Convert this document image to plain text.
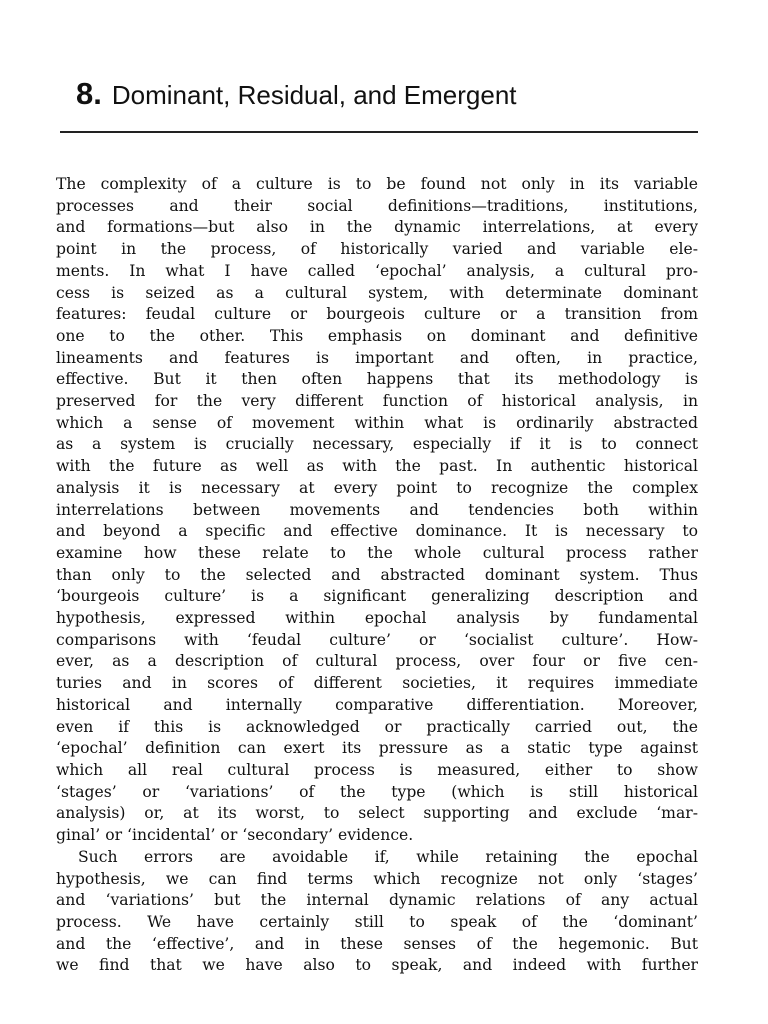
8. Dominant, Residual, and Emergent
The complexity of a culture is to be found not only in its variable
processes and their social definitions—traditions, institutions,
and formations—but also in the dynamic interrelations, at every
point in the process, of historically varied and variable ele-
ments. In what I have called ‘epochal’ analysis, a cultural pro-
cess is seized as a cultural system, with determinate dominant
features: feudal culture or bourgeois culture or a transition from
one to the other. This emphasis on dominant and definitive
lineaments and features is important and often, in practice,
effective. But it then often happens that its methodology is
preserved for the very different function of historical analysis, in
which a sense of movement within what is ordinarily abstracted
as a system is crucially necessary, especially if it is to connect
with the future as well as with the past. In authentic historical
analysis it is necessary at every point to recognize the complex
interrelations between movements and tendencies both within
and beyond a specific and effective dominance. It is necessary to
examine how these relate to the whole cultural process rather
than only to the selected and abstracted dominant system. Thus
‘bourgeois culture’ is a significant generalizing description and
hypothesis, expressed within epochal analysis by fundamental
comparisons with ‘feudal culture’ or ‘socialist culture’. How-
ever, as a description of cultural process, over four or five cen-
turies and in scores of different societies, it requires immediate
historical and internally comparative differentiation. Moreover,
even if this is acknowledged or practically carried out, the
‘epochal’ definition can exert its pressure as a static type against
which all real cultural process is measured, either to show
‘stages’ or ‘variations’ of the type (which is still historical
analysis) or, at its worst, to select supporting and exclude ‘mar-
ginal’ or ‘incidental’ or ‘secondary’ evidence.
Such errors are avoidable if, while retaining the epochal
hypothesis, we can find terms which recognize not only ‘stages’
and ‘variations’ but the internal dynamic relations of any actual
process. We have certainly still to speak of the ‘dominant’
and the ‘effective’, and in these senses of the hegemonic. But
we find that we have also to speak, and indeed with further
